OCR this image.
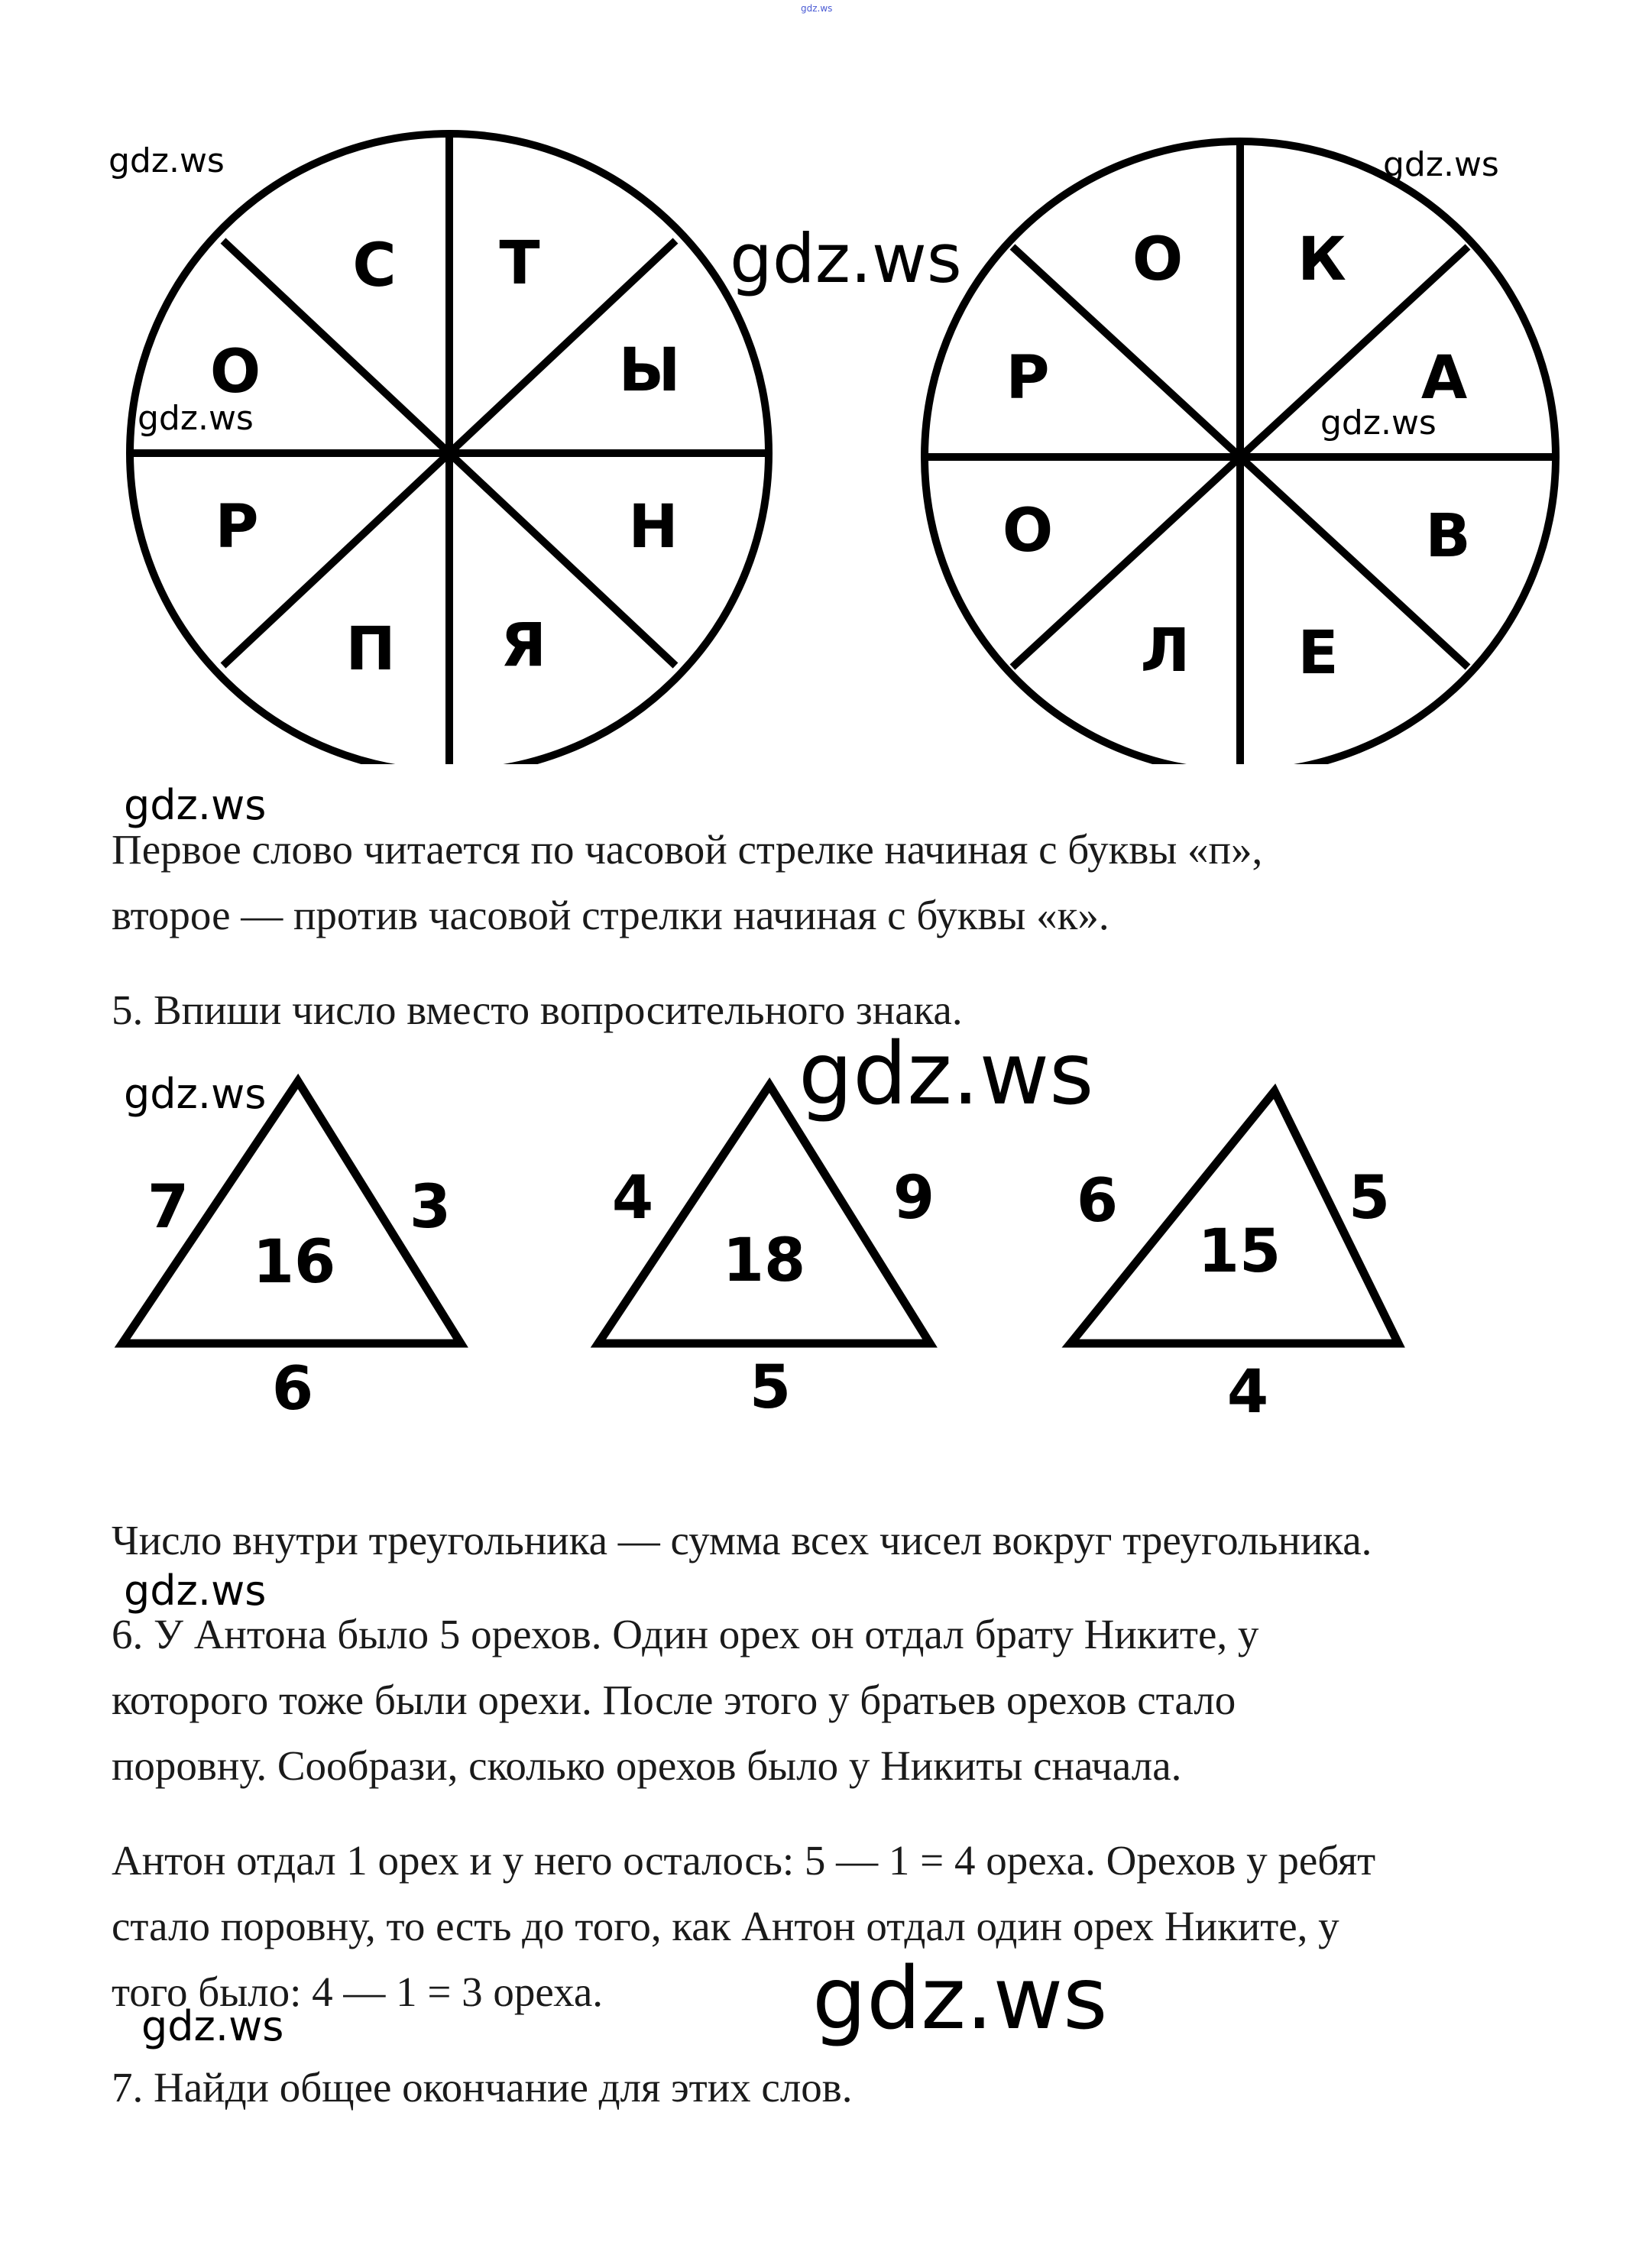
gdz.ws
Т
Ы
Н
Я
П
Р
О
С	К
А
В
Е
Л
О
Р
О
gdz.ws	gdz.ws
gdz.ws
gdz.ws
gdz.ws
gdz.ws

Первое слово читается по часовой стрелке начиная с буквы «п»,

второе — против часовой стрелки начиная с буквы «к».

5. Впиши число вместо вопросительного знака.

gdz.ws
gdz.ws
7	3
16
6
4	9
18
5
6	5
15
4

Число внутри треугольника — сумма всех чисел вокруг треугольника.

gdz.ws

6. У Антона было 5 орехов. Один орех он отдал брату Никите, у

которого тоже были орехи. После этого у братьев орехов стало

поровну. Сообрази, сколько орехов было у Никиты сначала.

Антон отдал 1 орех и у него осталось: 5 — 1 = 4 ореха. Орехов у ребят

стало поровну, то есть до того, как Антон отдал один орех Никите, у

того было: 4 — 1 = 3 ореха. gdz.ws
gdz.ws

7. Найди общее окончание для этих слов.
